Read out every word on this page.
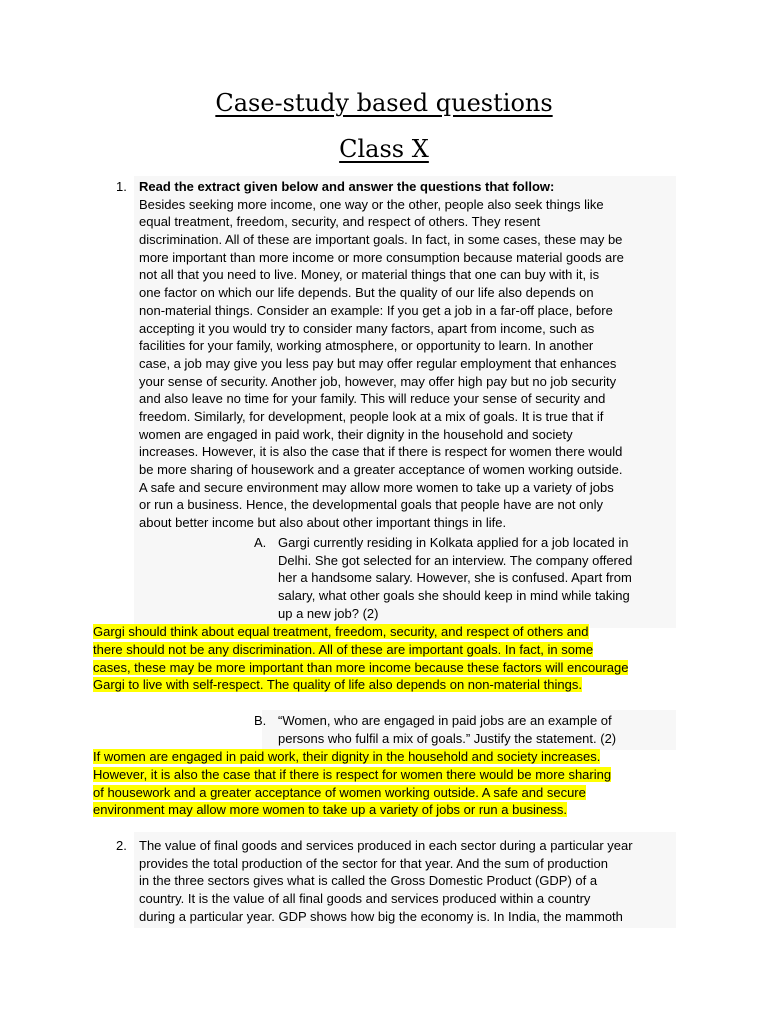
Case-study based questions
Class X
1. Read the extract given below and answer the questions that follow:
Besides seeking more income, one way or the other, people also seek things like
equal treatment, freedom, security, and respect of others. They resent
discrimination. All of these are important goals. In fact, in some cases, these may be
more important than more income or more consumption because material goods are
not all that you need to live. Money, or material things that one can buy with it, is
one factor on which our life depends. But the quality of our life also depends on
non-material things. Consider an example: If you get a job in a far-off place, before
accepting it you would try to consider many factors, apart from income, such as
facilities for your family, working atmosphere, or opportunity to learn. In another
case, a job may give you less pay but may offer regular employment that enhances
your sense of security. Another job, however, may offer high pay but no job security
and also leave no time for your family. This will reduce your sense of security and
freedom. Similarly, for development, people look at a mix of goals. It is true that if
women are engaged in paid work, their dignity in the household and society
increases. However, it is also the case that if there is respect for women there would
be more sharing of housework and a greater acceptance of women working outside.
A safe and secure environment may allow more women to take up a variety of jobs
or run a business. Hence, the developmental goals that people have are not only
about better income but also about other important things in life.
A. Gargi currently residing in Kolkata applied for a job located in
Delhi. She got selected for an interview. The company offered
her a handsome salary. However, she is confused. Apart from
salary, what other goals she should keep in mind while taking
up a new job? (2)
Gargi should think about equal treatment, freedom, security, and respect of others and
there should not be any discrimination. All of these are important goals. In fact, in some
cases, these may be more important than more income because these factors will encourage
Gargi to live with self-respect. The quality of life also depends on non-material things.
B. “Women, who are engaged in paid jobs are an example of
persons who fulfil a mix of goals.” Justify the statement. (2)
If women are engaged in paid work, their dignity in the household and society increases.
However, it is also the case that if there is respect for women there would be more sharing
of housework and a greater acceptance of women working outside. A safe and secure
environment may allow more women to take up a variety of jobs or run a business.
2. The value of final goods and services produced in each sector during a particular year
provides the total production of the sector for that year. And the sum of production
in the three sectors gives what is called the Gross Domestic Product (GDP) of a
country. It is the value of all final goods and services produced within a country
during a particular year. GDP shows how big the economy is. In India, the mammoth
